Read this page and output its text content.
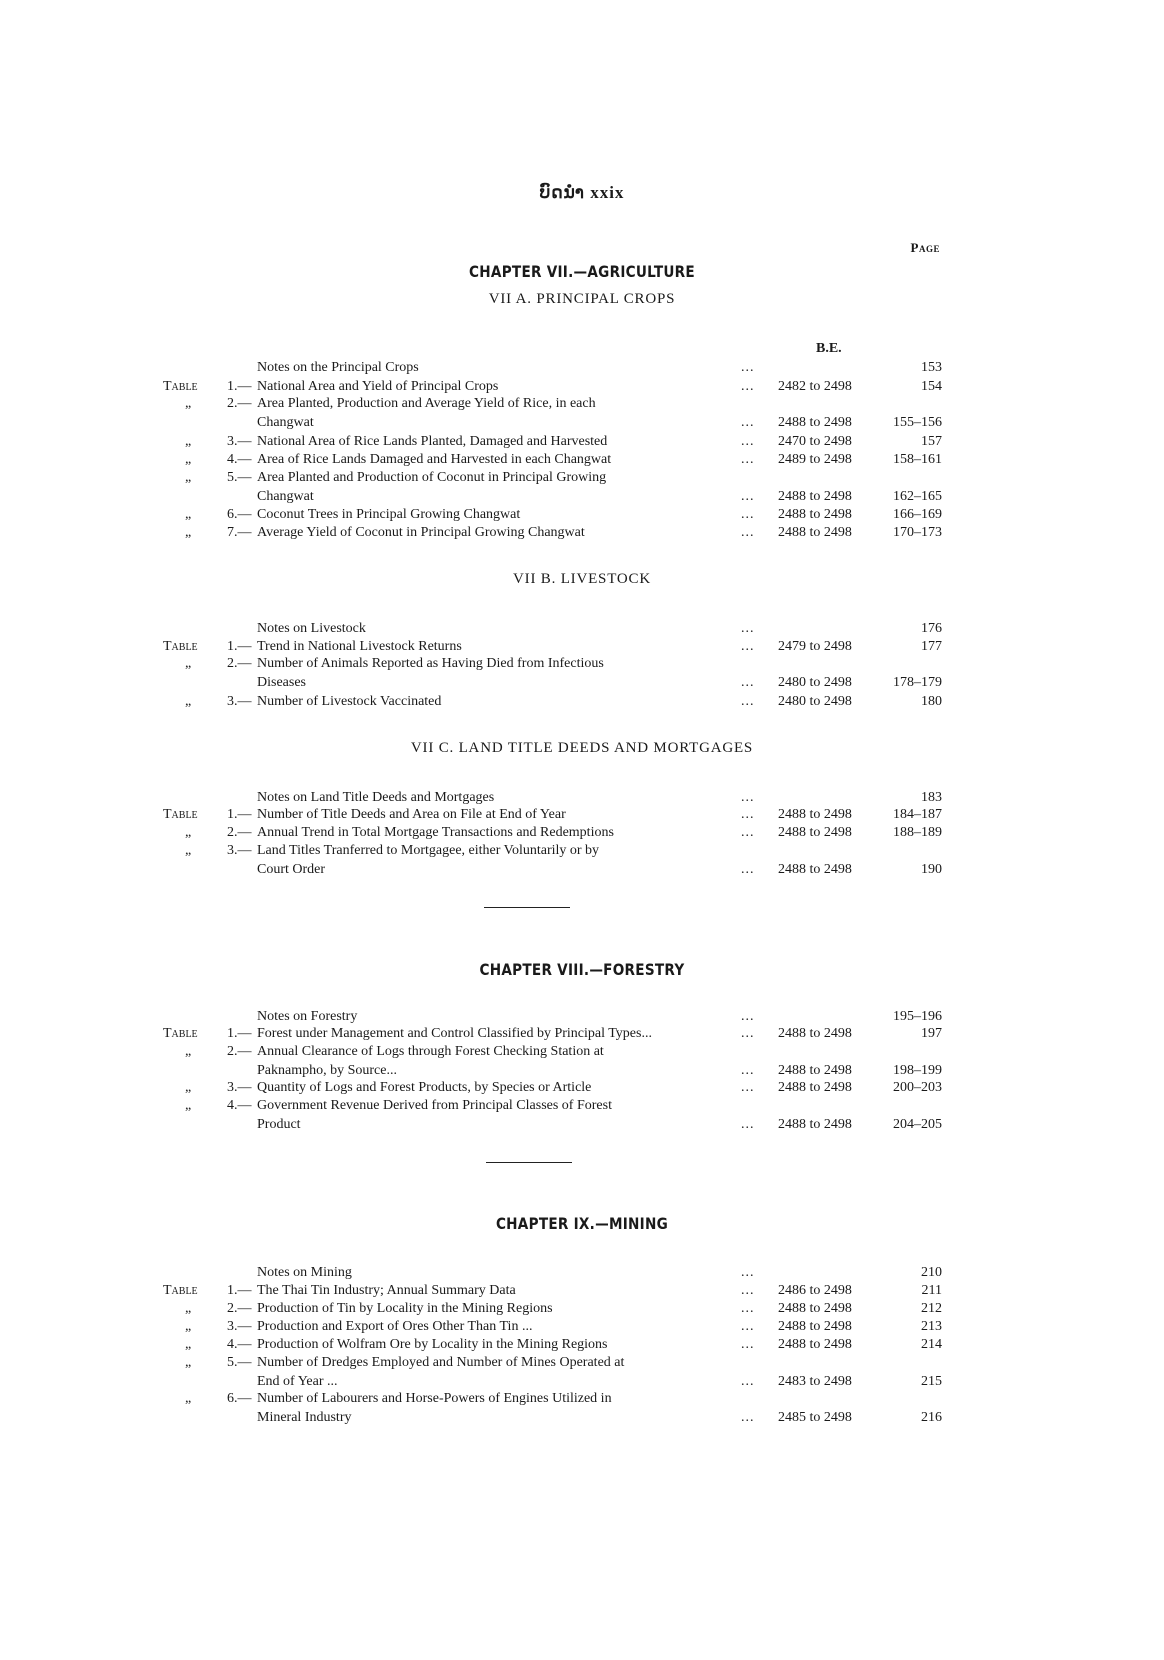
ບົດນຳ xxix
Page
CHAPTER VII.—AGRICULTURE
VII A. PRINCIPAL CROPS
B.E.
Notes on the Principal Crops	...	153
Table	1.— National Area and Yield of Principal Crops	... 2482 to 2498	154
„	2.— Area Planted, Production and Average Yield of Rice, in each
Changwat	... 2488 to 2498	155–156
„	3.— National Area of Rice Lands Planted, Damaged and Harvested	... 2470 to 2498	157
„	4.— Area of Rice Lands Damaged and Harvested in each Changwat	... 2489 to 2498	158–161
„	5.— Area Planted and Production of Coconut in Principal Growing
Changwat	... 2488 to 2498	162–165
„	6.— Coconut Trees in Principal Growing Changwat	... 2488 to 2498	166–169
„	7.— Average Yield of Coconut in Principal Growing Changwat	... 2488 to 2498	170–173
VII B. LIVESTOCK
Notes on Livestock	...	176
Table	1.— Trend in National Livestock Returns	... 2479 to 2498	177
„	2.— Number of Animals Reported as Having Died from Infectious
Diseases	... 2480 to 2498	178–179
„	3.— Number of Livestock Vaccinated	... 2480 to 2498	180
VII C. LAND TITLE DEEDS AND MORTGAGES
Notes on Land Title Deeds and Mortgages	...	183
Table	1.— Number of Title Deeds and Area on File at End of Year	... 2488 to 2498	184–187
„	2.— Annual Trend in Total Mortgage Transactions and Redemptions	... 2488 to 2498	188–189
„	3.— Land Titles Tranferred to Mortgagee, either Voluntarily or by
Court Order	... 2488 to 2498	190
CHAPTER VIII.—FORESTRY
Notes on Forestry	...	195–196
Table	1.— Forest under Management and Control Classified by Principal Types...	... 2488 to 2498	197
„	2.— Annual Clearance of Logs through Forest Checking Station at
Paknampho, by Source...	... 2488 to 2498	198–199
„	3.— Quantity of Logs and Forest Products, by Species or Article	... 2488 to 2498	200–203
„	4.— Government Revenue Derived from Principal Classes of Forest
Product	... 2488 to 2498	204–205
CHAPTER IX.—MINING
Notes on Mining	...	210
Table	1.— The Thai Tin Industry; Annual Summary Data	... 2486 to 2498	211
„	2.— Production of Tin by Locality in the Mining Regions	... 2488 to 2498	212
„	3.— Production and Export of Ores Other Than Tin ...	... 2488 to 2498	213
„	4.— Production of Wolfram Ore by Locality in the Mining Regions	... 2488 to 2498	214
„	5.— Number of Dredges Employed and Number of Mines Operated at
End of Year ...	... 2483 to 2498	215
„	6.— Number of Labourers and Horse-Powers of Engines Utilized in
Mineral Industry	... 2485 to 2498	216
